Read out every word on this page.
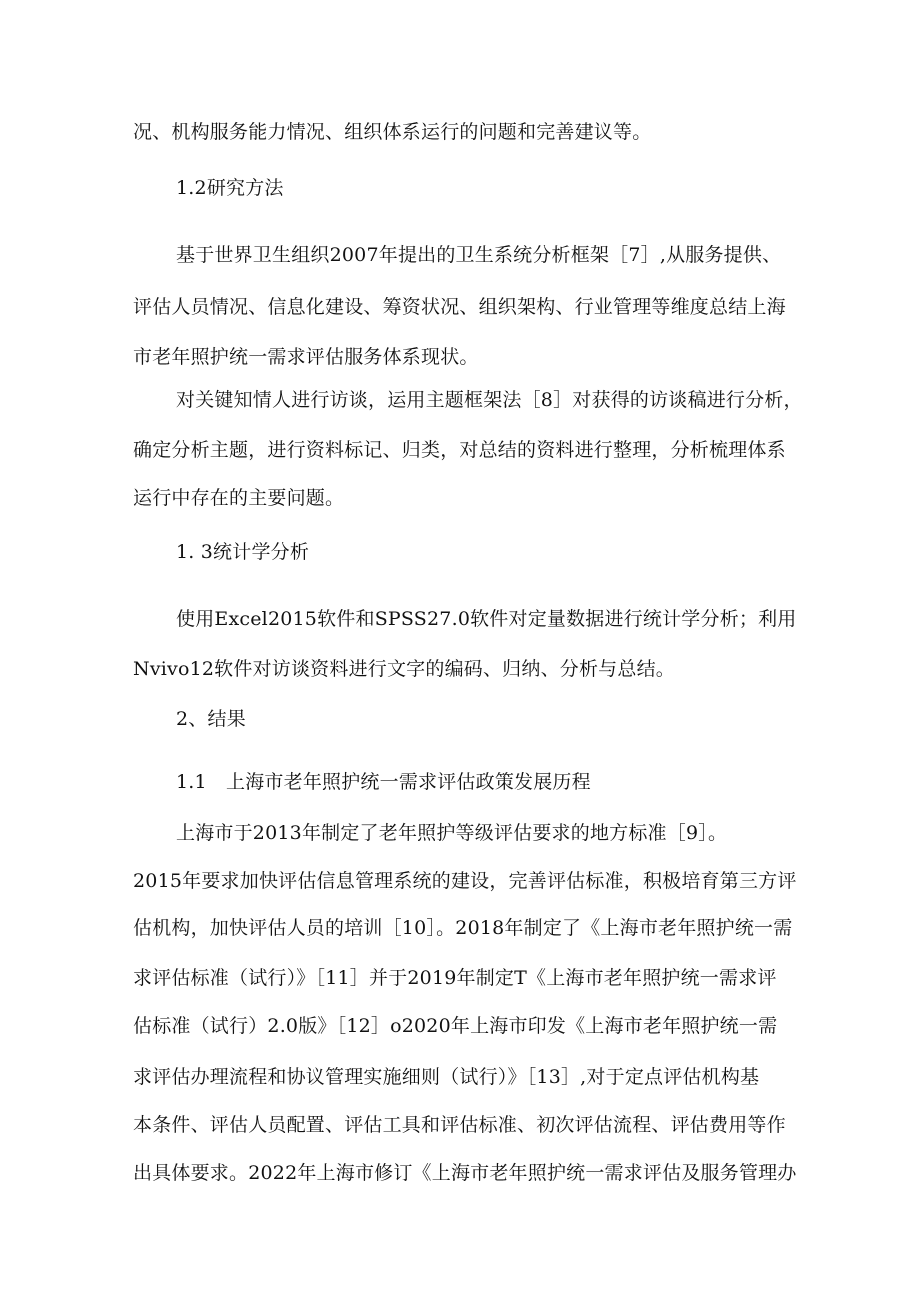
况、机构服务能力情况、组织体系运行的问题和完善建议等。
1.2研究方法
基于世界卫生组织2007年提出的卫生系统分析框架［7］,从服务提供、
评估人员情况、信息化建设、筹资状况、组织架构、行业管理等维度总结上海
市老年照护统一需求评估服务体系现状。
对关键知情人进行访谈，运用主题框架法［8］对获得的访谈稿进行分析，
确定分析主题，进行资料标记、归类，对总结的资料进行整理，分析梳理体系
运行中存在的主要问题。
1. 3统计学分析
使用Excel2015软件和SPSS27.0软件对定量数据进行统计学分析；利用
Nvivo12软件对访谈资料进行文字的编码、归纳、分析与总结。
2、结果
1.1　上海市老年照护统一需求评估政策发展历程
上海市于2013年制定了老年照护等级评估要求的地方标准［9］。
2015年要求加快评估信息管理系统的建设，完善评估标准，积极培育第三方评
估机构，加快评估人员的培训［10］。2018年制定了《上海市老年照护统一需
求评估标准（试行）》［11］并于2019年制定T《上海市老年照护统一需求评
估标准（试行）2.0版》［12］o2020年上海市印发《上海市老年照护统一需
求评估办理流程和协议管理实施细则（试行）》［13］,对于定点评估机构基
本条件、评估人员配置、评估工具和评估标准、初次评估流程、评估费用等作
出具体要求。2022年上海市修订《上海市老年照护统一需求评估及服务管理办
